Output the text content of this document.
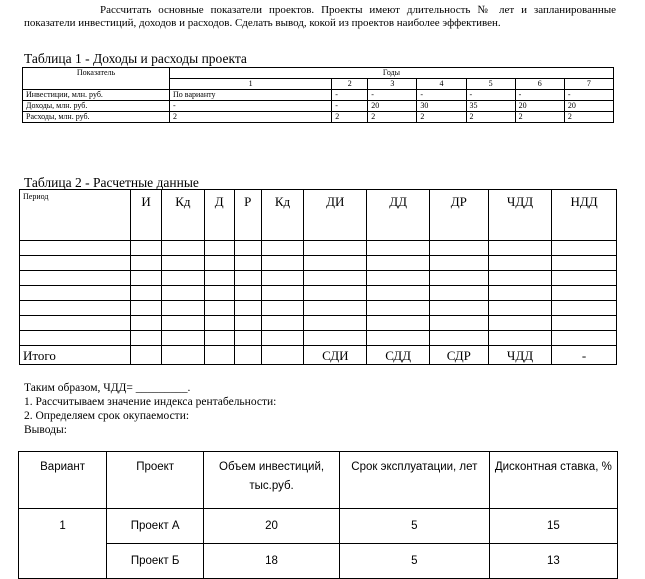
Рассчитать основные показатели проектов. Проекты имеют длительность № лет и запланированные показатели инвестиций, доходов и расходов. Сделать вывод, кокой из проектов наиболее эффективен.
Таблица 1 - Доходы и расходы проекта
Показатель	Годы						
	1	2	3	4	5	6	7
Инвестиции, млн. руб.	По варианту	-	-	-	-	-	-
Доходы, млн. руб.	-	-	20	30	35	20	20
Расходы, млн. руб.	2	2	2	2	2	2	2
Таблица 2 - Расчетные данные
Период	И	Кд	Д	Р	Кд	ДИ	ДД	ДР	ЧДД	НДД

Итого						СДИ	СДД	СДР	ЧДД	-
Таким образом, ЧДД= _________.
1. Рассчитываем значение индекса рентабельности:
2. Определяем срок окупаемости:
Выводы:
Вариант	Проект	Объем инвестиций, тыс.руб.	Срок эксплуатации, лет	Дисконтная ставка, %
1	Проект А	20	5	15
	Проект Б	18	5	13
